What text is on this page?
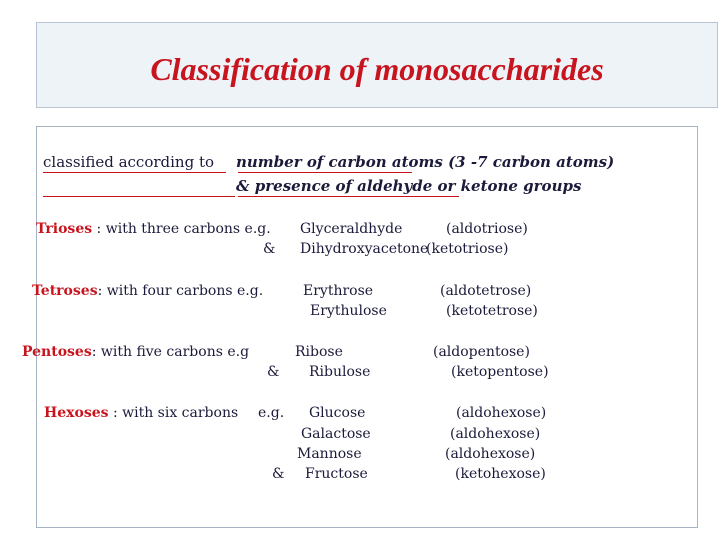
Classification of monosaccharides
classified according to number of carbon atoms (3 -7 carbon atoms)
& presence of aldehyde or ketone groups
Trioses : with three carbons e.g.
&
Glyceraldhyde
Dihydroxyacetone
(aldotriose)
(ketotriose)
Tetroses: with four carbons e.g.	Erythrose
Erythulose
(aldotetrose)
(ketotetrose)
Pentoses: with five carbons e.g
&
Ribose
Ribulose
(aldopentose)
(ketopentose)
Hexoses : with six carbons e.g.
&
Glucose
Galactose
Mannose
Fructose
(aldohexose)
(aldohexose)
(aldohexose)
(ketohexose)
